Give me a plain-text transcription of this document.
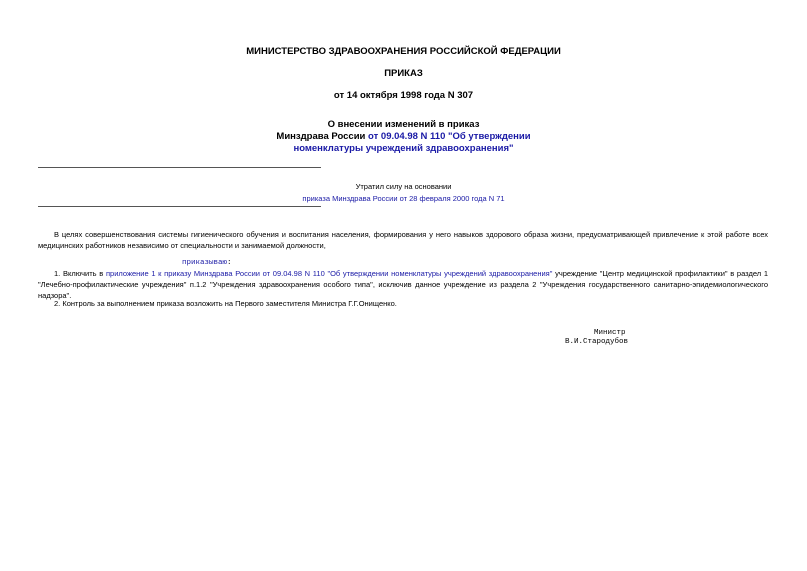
МИНИСТЕРСТВО ЗДРАВООХРАНЕНИЯ РОССИЙСКОЙ ФЕДЕРАЦИИ
ПРИКАЗ
от 14 октября 1998 года N 307
О внесении изменений в приказ
Минздрава России от 09.04.98 N 110 "Об утверждении
номенклатуры учреждений здравоохранения"
Утратил силу на основании
приказа Минздрава России от 28 февраля 2000 года N 71
В целях совершенствования системы гигиенического обучения и воспитания населения, формирования у него навыков здорового образа жизни, предусматривающей привлечение к этой работе всех медицинских работников независимо от специальности и занимаемой должности,
приказываю:
1. Включить в приложение 1 к приказу Минздрава России от 09.04.98 N 110 "Об утверждении номенклатуры учреждений здравоохранения" учреждение "Центр медицинской профилактики" в раздел 1 "Лечебно-профилактические учреждения" п.1.2 "Учреждения здравоохранения особого типа", исключив данное учреждение из раздела 2 "Учреждения государственного санитарно-эпидемиологического надзора".
2. Контроль за выполнением приказа возложить на Первого заместителя Министра Г.Г.Онищенко.
Министр
В.И.Стародубов
